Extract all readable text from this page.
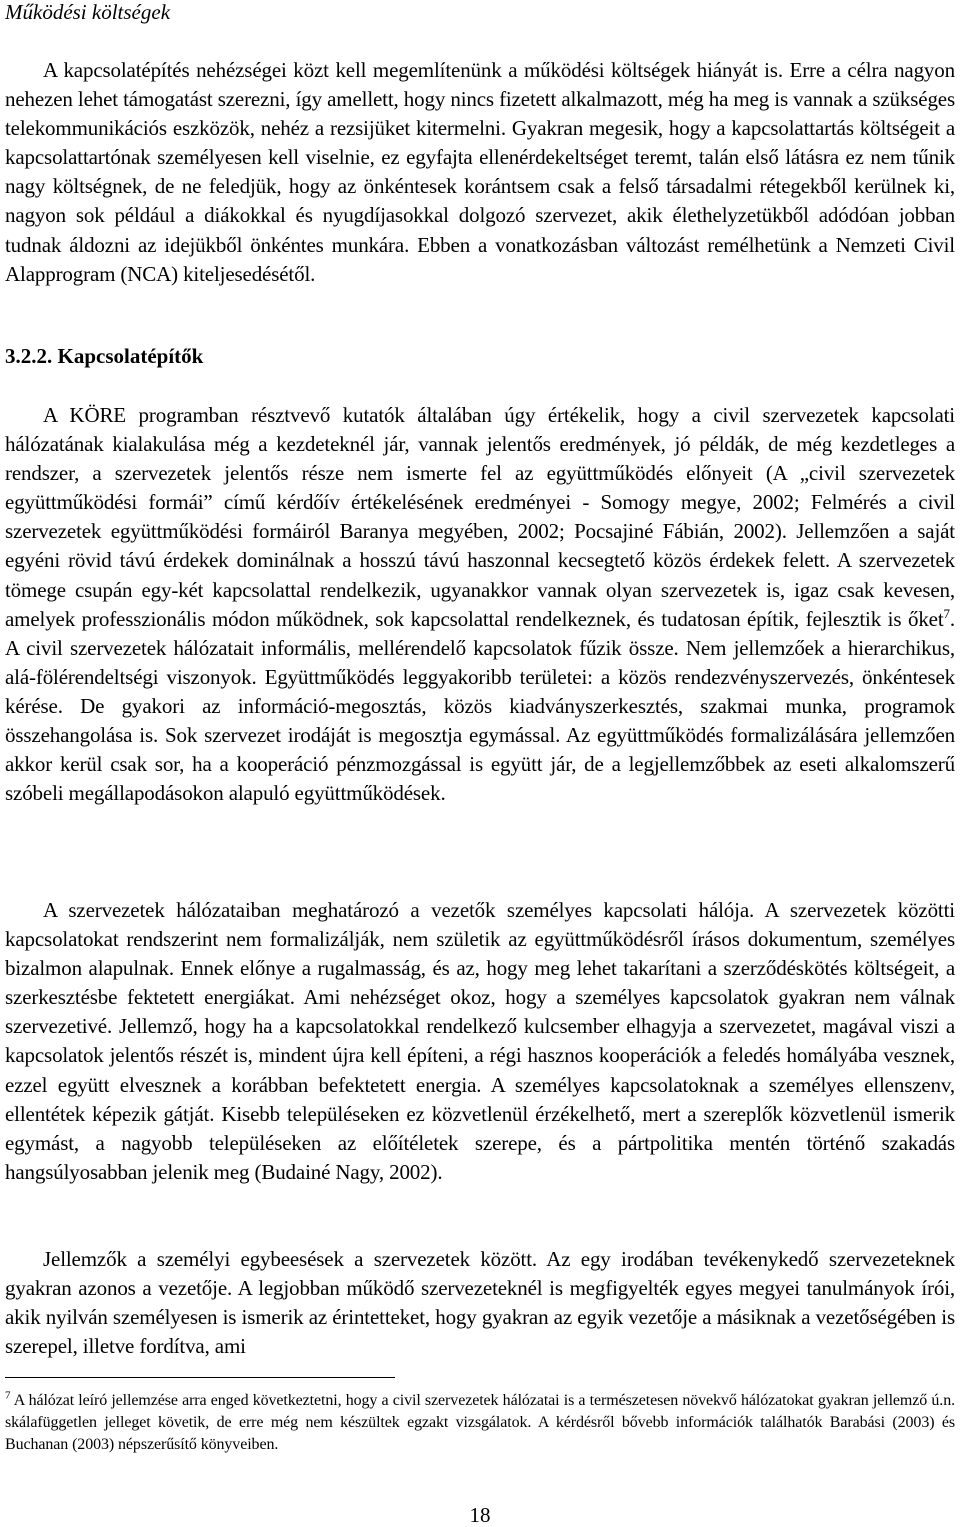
Működési költségek

A kapcsolatépítés nehézségei közt kell megemlítenünk a működési költségek hiányát is. Erre a célra nagyon nehezen lehet támogatást szerezni, így amellett, hogy nincs fizetett alkalmazott, még ha meg is vannak a szükséges telekommunikációs eszközök, nehéz a rezsijüket kitermelni. Gyakran megesik, hogy a kapcsolattartás költségeit a kapcsolattartónak személyesen kell viselnie, ez egyfajta ellenérdekeltséget teremt, talán első látásra ez nem tűnik nagy költségnek, de ne feledjük, hogy az önkéntesek korántsem csak a felső társadalmi rétegekből kerülnek ki, nagyon sok például a diákokkal és nyugdíjasokkal dolgozó szervezet, akik élethelyzetükből adódóan jobban tudnak áldozni az idejükből önkéntes munkára. Ebben a vonatkozásban változást remélhetünk a Nemzeti Civil Alapprogram (NCA) kiteljesedésétől.

3.2.2. Kapcsolatépítők

A KÖRE programban résztvevő kutatók általában úgy értékelik, hogy a civil szervezetek kapcsolati hálózatának kialakulása még a kezdeteknél jár, vannak jelentős eredmények, jó példák, de még kezdetleges a rendszer, a szervezetek jelentős része nem ismerte fel az együttműködés előnyeit (A „civil szervezetek együttműködési formái” című kérdőív értékelésének eredményei - Somogy megye, 2002; Felmérés a civil szervezetek együttműködési formáiról Baranya megyében, 2002; Pocsajiné Fábián, 2002). Jellemzően a saját egyéni rövid távú érdekek dominálnak a hosszú távú haszonnal kecsegtető közös érdekek felett. A szervezetek tömege csupán egy-két kapcsolattal rendelkezik, ugyanakkor vannak olyan szervezetek is, igaz csak kevesen, amelyek professzionális módon működnek, sok kapcsolattal rendelkeznek, és tudatosan építik, fejlesztik is őket$^7$. A civil szervezetek hálózatait informális, mellérendelő kapcsolatok fűzik össze. Nem jellemzőek a hierarchikus, alá-fölérendeltségi viszonyok. Együttműködés leggyakoribb területei: a közös rendezvényszervezés, önkéntesek kérése. De gyakori az információ-megosztás, közös kiadványszerkesztés, szakmai munka, programok összehangolása is. Sok szervezet irodáját is megosztja egymással. Az együttműködés formalizálására jellemzően akkor kerül csak sor, ha a kooperáció pénzmozgással is együtt jár, de a legjellemzőbbek az eseti alkalomszerű szóbeli megállapodásokon alapuló együttműködések.

A szervezetek hálózataiban meghatározó a vezetők személyes kapcsolati hálója. A szervezetek közötti kapcsolatokat rendszerint nem formalizálják, nem születik az együttműködésről írásos dokumentum, személyes bizalmon alapulnak. Ennek előnye a rugalmasság, és az, hogy meg lehet takarítani a szerződéskötés költségeit, a szerkesztésbe fektetett energiákat. Ami nehézséget okoz, hogy a személyes kapcsolatok gyakran nem válnak szervezetivé. Jellemző, hogy ha a kapcsolatokkal rendelkező kulcsember elhagyja a szervezetet, magával viszi a kapcsolatok jelentős részét is, mindent újra kell építeni, a régi hasznos kooperációk a feledés homályába vesznek, ezzel együtt elvesznek a korábban befektetett energia. A személyes kapcsolatoknak a személyes ellenszenv, ellentétek képezik gátját. Kisebb településeken ez közvetlenül érzékelhető, mert a szereplők közvetlenül ismerik egymást, a nagyobb településeken az előítéletek szerepe, és a pártpolitika mentén történő szakadás hangsúlyosabban jelenik meg (Budainé Nagy, 2002).

Jellemzők a személyi egybeesések a szervezetek között. Az egy irodában tevékenykedő szervezeteknek gyakran azonos a vezetője. A legjobban működő szervezeteknél is megfigyelték egyes megyei tanulmányok írói, akik nyilván személyesen is ismerik az érintetteket, hogy gyakran az egyik vezetője a másiknak a vezetőségében is szerepel, illetve fordítva, ami

$^7$ A hálózat leíró jellemzése arra enged következtetni, hogy a civil szervezetek hálózatai is a természetesen növekvő hálózatokat gyakran jellemző ú.n. skálafüggetlen jelleget követik, de erre még nem készültek egzakt vizsgálatok. A kérdésről bővebb információk találhatók Barabási (2003) és Buchanan (2003) népszerűsítő könyveiben.

18
